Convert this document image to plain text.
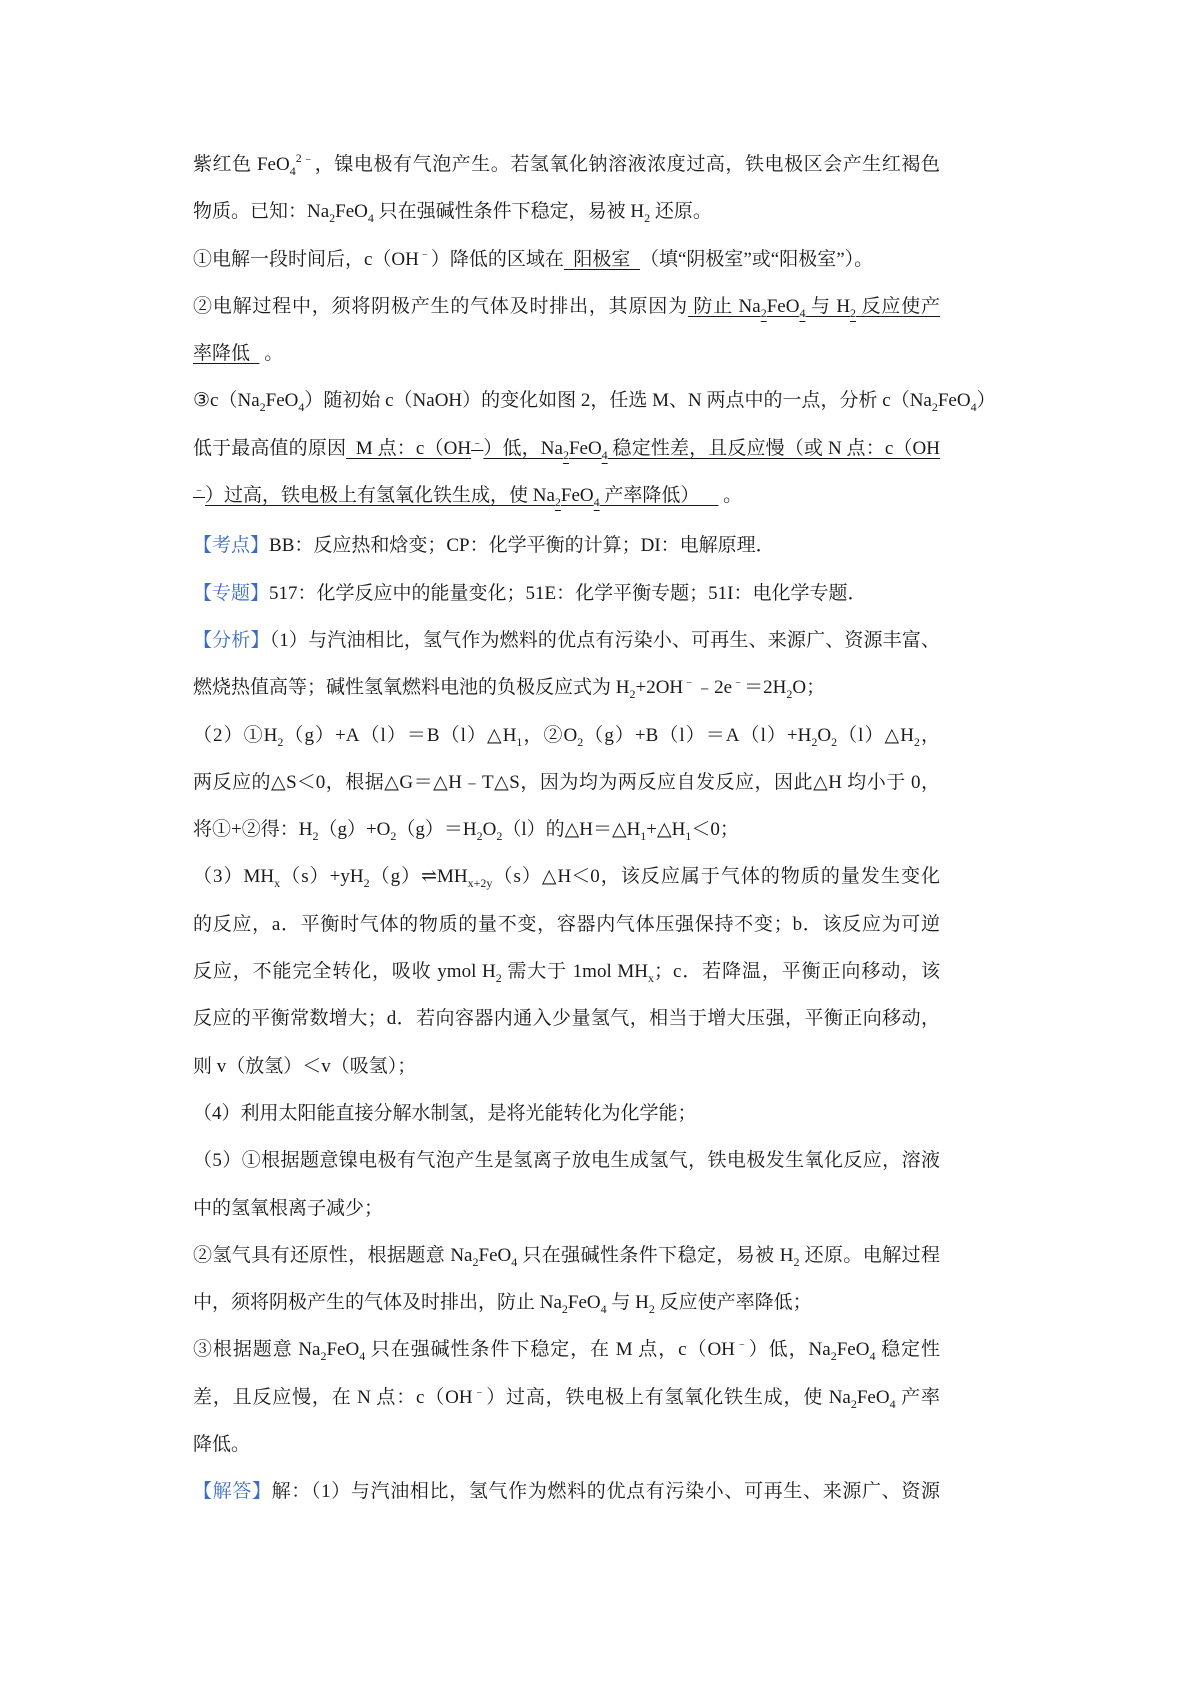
紫红色 FeO$_4^{2﹣}$，镍电极有气泡产生。若氢氧化钠溶液浓度过高，铁电极区会产生红褐色
物质。已知：$Na_2FeO_4$ 只在强碱性条件下稳定，易被 $H_2$ 还原。
①电解一段时间后，c（OH﹣）降低的区域在  阳极室  （填“阴极室”或“阳极室”）。
②电解过程中，须将阴极产生的气体及时排出，其原因为 防止 $Na_2FeO_4$ 与 $H_2$ 反应使产
率降低   。
$③c(Na_2FeO_4)$随初始 c（NaOH）的变化如图 2，任选 M、N 两点中的一点，分析 $c(Na_2FeO_4)$
低于最高值的原因  M 点：c（OH﹣）低，$Na_2FeO_4$ 稳定性差，且反应慢（或 N 点：c（OH
﹣）过高，铁电极上有氢氧化铁生成，使 $Na_2FeO_4$ 产率降低）     。
【考点】BB：反应热和焓变；CP：化学平衡的计算；DI：电解原理．
【专题】517：化学反应中的能量变化；51E：化学平衡专题；51I：电化学专题．
【分析】（1）与汽油相比，氢气作为燃料的优点有污染小、可再生、来源广、资源丰富、
燃烧热值高等；碱性氢氧燃料电池的负极反应式为 $H_2+2OH^﹣﹣2e^﹣=2H_2O$；
$(2)①H_2(g)+A(l)=B(l)\triangle H_1$，$②O_2(g)+B(l)=A(l)+H_2O_2(l)\triangle H_2$，
两反应的△S＜0，根据△G＝△H﹣T△S，因为均为两反应自发反应，因此△H 均小于 0，
将①+②得：$H_2(g)+O_2(g)=H_2O_2(l)$的$\triangle H=\triangle H_1+\triangle H_1<0$；
$(3)MH_x(s)+yH_2(g)\rightleftharpoons MH_{x+2y}(s)\triangle H<0$，该反应属于气体的物质的量发生变化
的反应，a．平衡时气体的物质的量不变，容器内气体压强保持不变；b．该反应为可逆
反应，不能完全转化，吸收 ymol $H_2$ 需大于 1mol $MH_x$；c．若降温，平衡正向移动，该
反应的平衡常数增大；d．若向容器内通入少量氢气，相当于增大压强，平衡正向移动，
则 v（放氢）＜v（吸氢）；
（4）利用太阳能直接分解水制氢，是将光能转化为化学能；
（5）①根据题意镍电极有气泡产生是氢离子放电生成氢气，铁电极发生氧化反应，溶液
中的氢氧根离子减少；
②氢气具有还原性，根据题意 $Na_2FeO_4$ 只在强碱性条件下稳定，易被 $H_2$ 还原。电解过程
中，须将阴极产生的气体及时排出，防止 $Na_2FeO_4$ 与 $H_2$ 反应使产率降低；
③根据题意 $Na_2FeO_4$ 只在强碱性条件下稳定，在 M 点，c（OH﹣）低，$Na_2FeO_4$ 稳定性
差，且反应慢，在 N 点：c（OH﹣）过高，铁电极上有氢氧化铁生成，使 $Na_2FeO_4$ 产率
降低。
【解答】解：（1）与汽油相比，氢气作为燃料的优点有污染小、可再生、来源广、资源
